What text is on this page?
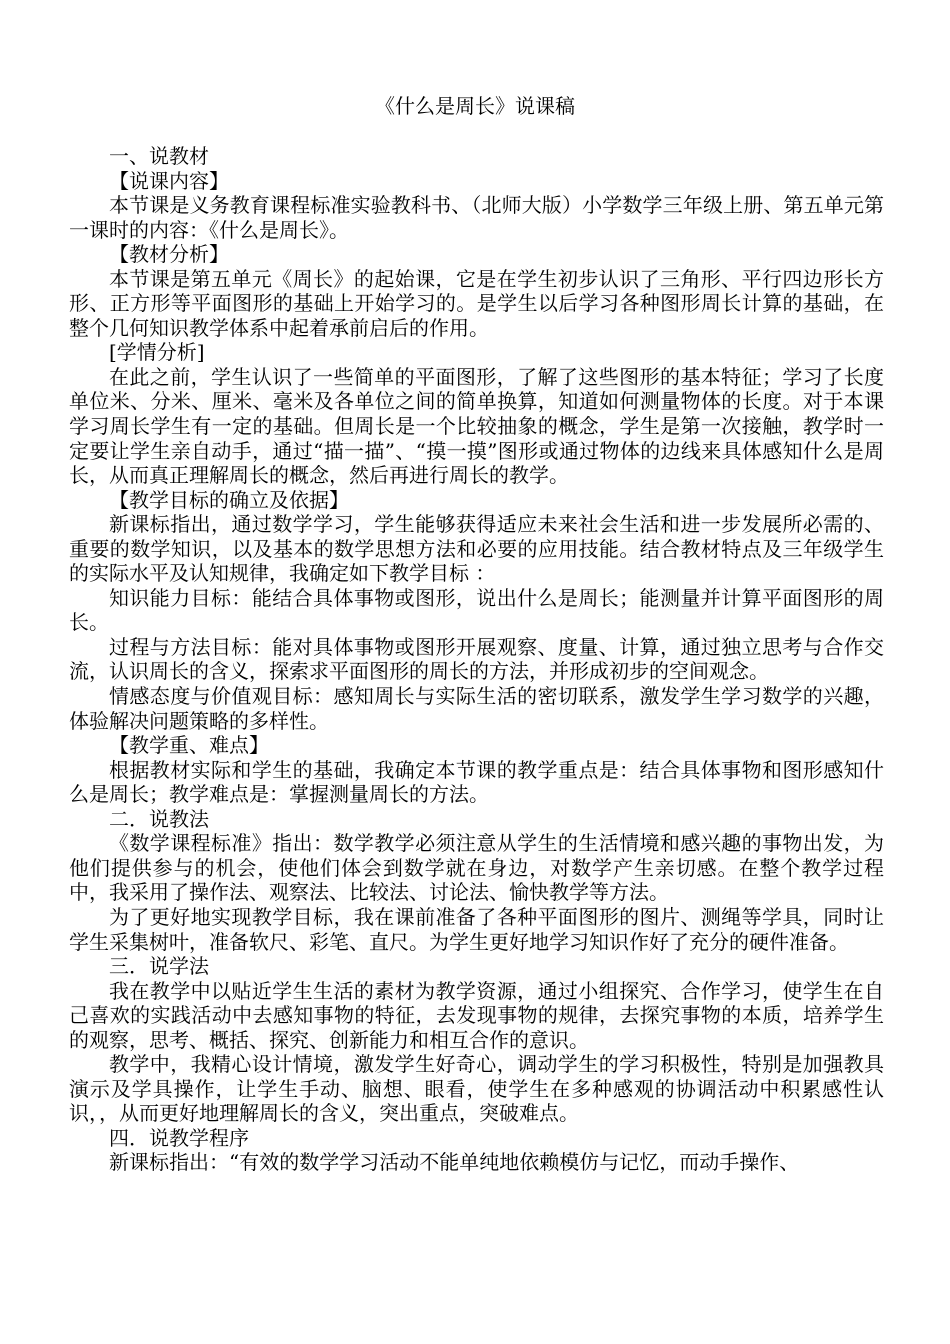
《什么是周长》说课稿

一、说教材

【说课内容】

本节课是义务教育课程标准实验教科书、（北师大版）小学数学三年级上册、第五单元第一课时的内容：《什么是周长》。

【教材分析】

本节课是第五单元《周长》的起始课，它是在学生初步认识了三角形、平行四边形长方形、正方形等平面图形的基础上开始学习的。是学生以后学习各种图形周长计算的基础，在整个几何知识教学体系中起着承前启后的作用。

[学情分析]

在此之前，学生认识了一些简单的平面图形，了解了这些图形的基本特征；学习了长度单位米、分米、厘米、毫米及各单位之间的简单换算，知道如何测量物体的长度。对于本课学习周长学生有一定的基础。但周长是一个比较抽象的概念，学生是第一次接触，教学时一定要让学生亲自动手，通过“描一描”、“摸一摸”图形或通过物体的边线来具体感知什么是周长，从而真正理解周长的概念，然后再进行周长的教学。

【教学目标的确立及依据】

新课标指出，通过数学学习，学生能够获得适应未来社会生活和进一步发展所必需的、重要的数学知识，以及基本的数学思想方法和必要的应用技能。结合教材特点及三年级学生的实际水平及认知规律，我确定如下教学目标 ：

知识能力目标：能结合具体事物或图形，说出什么是周长；能测量并计算平面图形的周长。

过程与方法目标：能对具体事物或图形开展观察、度量、计算，通过独立思考与合作交流，认识周长的含义，探索求平面图形的周长的方法，并形成初步的空间观念。

情感态度与价值观目标：感知周长与实际生活的密切联系，激发学生学习数学的兴趣，体验解决问题策略的多样性。

【教学重、难点】

根据教材实际和学生的基础，我确定本节课的教学重点是：结合具体事物和图形感知什么是周长；教学难点是：掌握测量周长的方法。

二．说教法

《数学课程标准》指出：数学教学必须注意从学生的生活情境和感兴趣的事物出发，为他们提供参与的机会，使他们体会到数学就在身边，对数学产生亲切感。在整个教学过程中，我采用了操作法、观察法、比较法、讨论法、愉快教学等方法。

为了更好地实现教学目标，我在课前准备了各种平面图形的图片、测绳等学具，同时让学生采集树叶，准备软尺、彩笔、直尺。为学生更好地学习知识作好了充分的硬件准备。

三．说学法

我在教学中以贴近学生生活的素材为教学资源，通过小组探究、合作学习，使学生在自己喜欢的实践活动中去感知事物的特征，去发现事物的规律，去探究事物的本质，培养学生的观察，思考、概括、探究、创新能力和相互合作的意识。

教学中，我精心设计情境，激发学生好奇心，调动学生的学习积极性，特别是加强教具演示及学具操作，让学生手动、脑想、眼看，使学生在多种感观的协调活动中积累感性认识，，从而更好地理解周长的含义，突出重点，突破难点。

四．说教学程序

新课标指出：“有效的数学学习活动不能单纯地依赖模仿与记忆，而动手操作、
